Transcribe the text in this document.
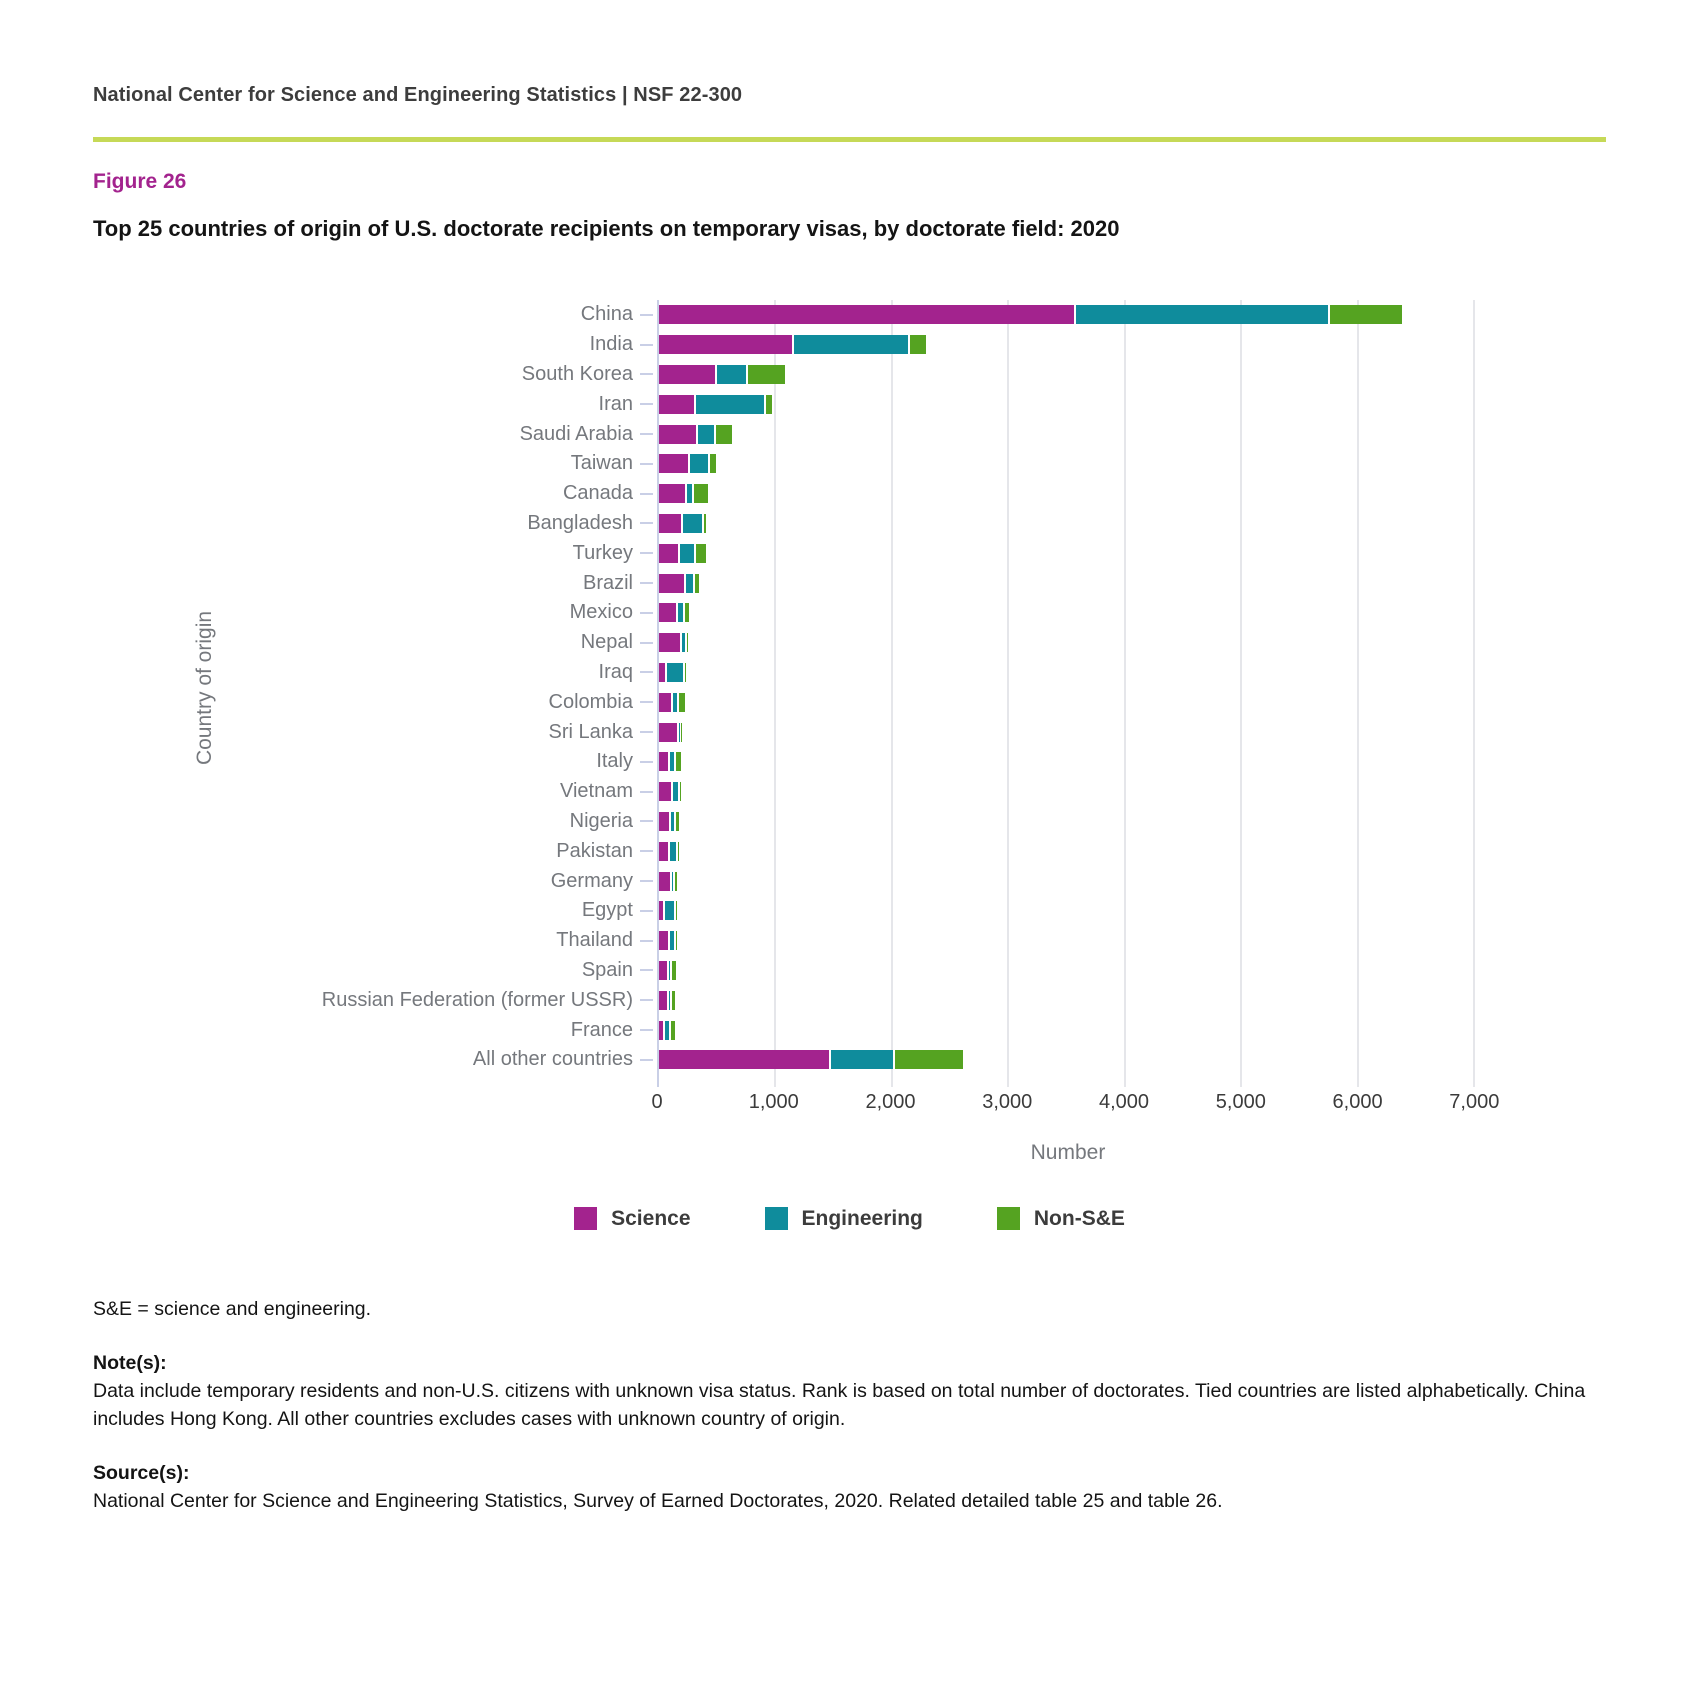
National Center for Science and Engineering Statistics | NSF 22-300
Figure 26
Top 25 countries of origin of U.S. doctorate recipients on temporary visas, by doctorate field: 2020
Country of origin
China
India
South Korea
Iran
Saudi Arabia
Taiwan
Canada
Bangladesh
Turkey
Brazil
Mexico
Nepal
Iraq
Colombia
Sri Lanka
Italy
Vietnam
Nigeria
Pakistan
Germany
Egypt
Thailand
Spain
Russian Federation (former USSR)
France
All other countries
0	1,000	2,000	3,000	4,000	5,000	6,000	7,000
Number
Science	Engineering	Non-S&E
S&E = science and engineering.
Note(s):
Data include temporary residents and non-U.S. citizens with unknown visa status. Rank is based on total number of doctorates. Tied countries are listed alphabetically. China includes Hong Kong. All other countries excludes cases with unknown country of origin.
Source(s):
National Center for Science and Engineering Statistics, Survey of Earned Doctorates, 2020. Related detailed table 25 and table 26.
